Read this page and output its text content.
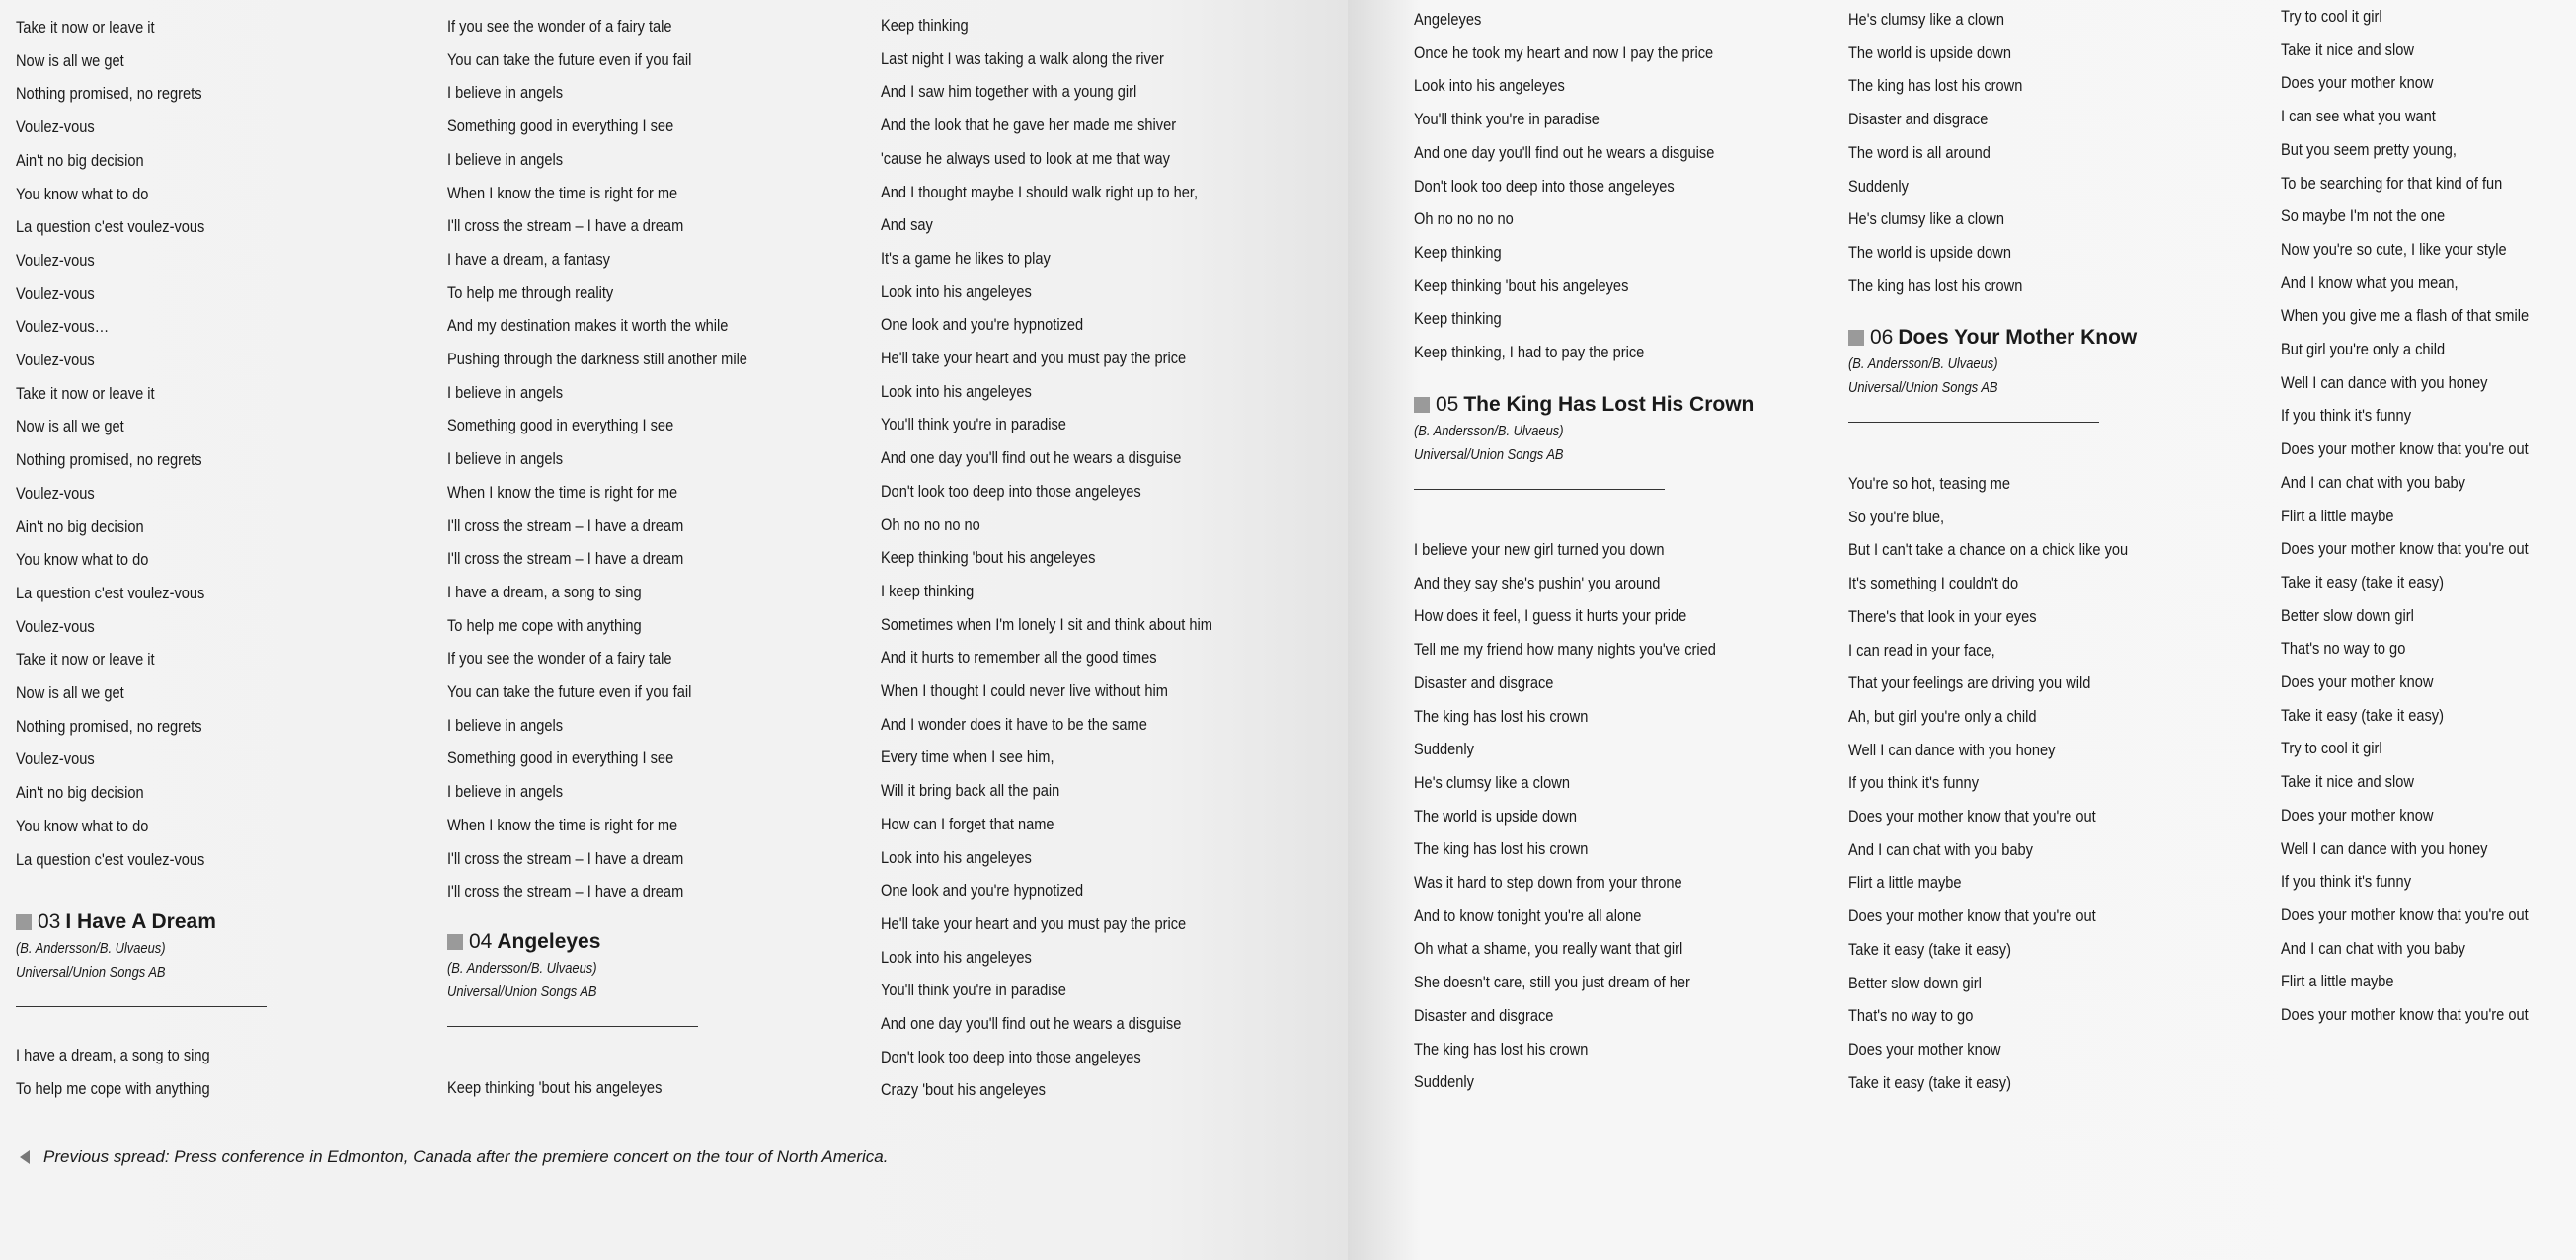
Take it now or leave it
Now is all we get
Nothing promised, no regrets
Voulez-vous
Ain't no big decision
You know what to do
La question c'est voulez-vous
Voulez-vous
Voulez-vous
Voulez-vous…
Voulez-vous
Take it now or leave it
Now is all we get
Nothing promised, no regrets
Voulez-vous
Ain't no big decision
You know what to do
La question c'est voulez-vous
Voulez-vous
Take it now or leave it
Now is all we get
Nothing promised, no regrets
Voulez-vous
Ain't no big decision
You know what to do
La question c'est voulez-vous
03 I Have A Dream
(B. Andersson/B. Ulvaeus)
Universal/Union Songs AB
I have a dream, a song to sing
To help me cope with anything
If you see the wonder of a fairy tale
You can take the future even if you fail
I believe in angels
Something good in everything I see
I believe in angels
When I know the time is right for me
I'll cross the stream – I have a dream
I have a dream, a fantasy
To help me through reality
And my destination makes it worth the while
Pushing through the darkness still another mile
I believe in angels
Something good in everything I see
I believe in angels
When I know the time is right for me
I'll cross the stream – I have a dream
I'll cross the stream – I have a dream
I have a dream, a song to sing
To help me cope with anything
If you see the wonder of a fairy tale
You can take the future even if you fail
I believe in angels
Something good in everything I see
I believe in angels
When I know the time is right for me
I'll cross the stream – I have a dream
I'll cross the stream – I have a dream
04 Angeleyes
(B. Andersson/B. Ulvaeus)
Universal/Union Songs AB
Keep thinking 'bout his angeleyes
Keep thinking
Last night I was taking a walk along the river
And I saw him together with a young girl
And the look that he gave her made me shiver
'cause he always used to look at me that way
And I thought maybe I should walk right up to her,
And say
It's a game he likes to play
Look into his angeleyes
One look and you're hypnotized
He'll take your heart and you must pay the price
Look into his angeleyes
You'll think you're in paradise
And one day you'll find out he wears a disguise
Don't look too deep into those angeleyes
Oh no no no no
Keep thinking 'bout his angeleyes
I keep thinking
Sometimes when I'm lonely I sit and think about him
And it hurts to remember all the good times
When I thought I could never live without him
And I wonder does it have to be the same
Every time when I see him,
Will it bring back all the pain
How can I forget that name
Look into his angeleyes
One look and you're hypnotized
He'll take your heart and you must pay the price
Look into his angeleyes
You'll think you're in paradise
And one day you'll find out he wears a disguise
Don't look too deep into those angeleyes
Crazy 'bout his angeleyes
Angeleyes
Once he took my heart and now I pay the price
Look into his angeleyes
You'll think you're in paradise
And one day you'll find out he wears a disguise
Don't look too deep into those angeleyes
Oh no no no no
Keep thinking
Keep thinking 'bout his angeleyes
Keep thinking
Keep thinking, I had to pay the price
05 The King Has Lost His Crown
(B. Andersson/B. Ulvaeus)
Universal/Union Songs AB
I believe your new girl turned you down
And they say she's pushin' you around
How does it feel, I guess it hurts your pride
Tell me my friend how many nights you've cried
Disaster and disgrace
The king has lost his crown
Suddenly
He's clumsy like a clown
The world is upside down
The king has lost his crown
Was it hard to step down from your throne
And to know tonight you're all alone
Oh what a shame, you really want that girl
She doesn't care, still you just dream of her
Disaster and disgrace
The king has lost his crown
Suddenly
He's clumsy like a clown
The world is upside down
The king has lost his crown
Disaster and disgrace
The word is all around
Suddenly
He's clumsy like a clown
The world is upside down
The king has lost his crown
06 Does Your Mother Know
(B. Andersson/B. Ulvaeus)
Universal/Union Songs AB
You're so hot, teasing me
So you're blue,
But I can't take a chance on a chick like you
It's something I couldn't do
There's that look in your eyes
I can read in your face,
That your feelings are driving you wild
Ah, but girl you're only a child
Well I can dance with you honey
If you think it's funny
Does your mother know that you're out
And I can chat with you baby
Flirt a little maybe
Does your mother know that you're out
Take it easy (take it easy)
Better slow down girl
That's no way to go
Does your mother know
Take it easy (take it easy)
Try to cool it girl
Take it nice and slow
Does your mother know
I can see what you want
But you seem pretty young,
To be searching for that kind of fun
So maybe I'm not the one
Now you're so cute, I like your style
And I know what you mean,
When you give me a flash of that smile
But girl you're only a child
Well I can dance with you honey
If you think it's funny
Does your mother know that you're out
And I can chat with you baby
Flirt a little maybe
Does your mother know that you're out
Take it easy (take it easy)
Better slow down girl
That's no way to go
Does your mother know
Take it easy (take it easy)
Try to cool it girl
Take it nice and slow
Does your mother know
Well I can dance with you honey
If you think it's funny
Does your mother know that you're out
And I can chat with you baby
Flirt a little maybe
Does your mother know that you're out
Previous spread: Press conference in Edmonton, Canada after the premiere concert on the tour of North America.
